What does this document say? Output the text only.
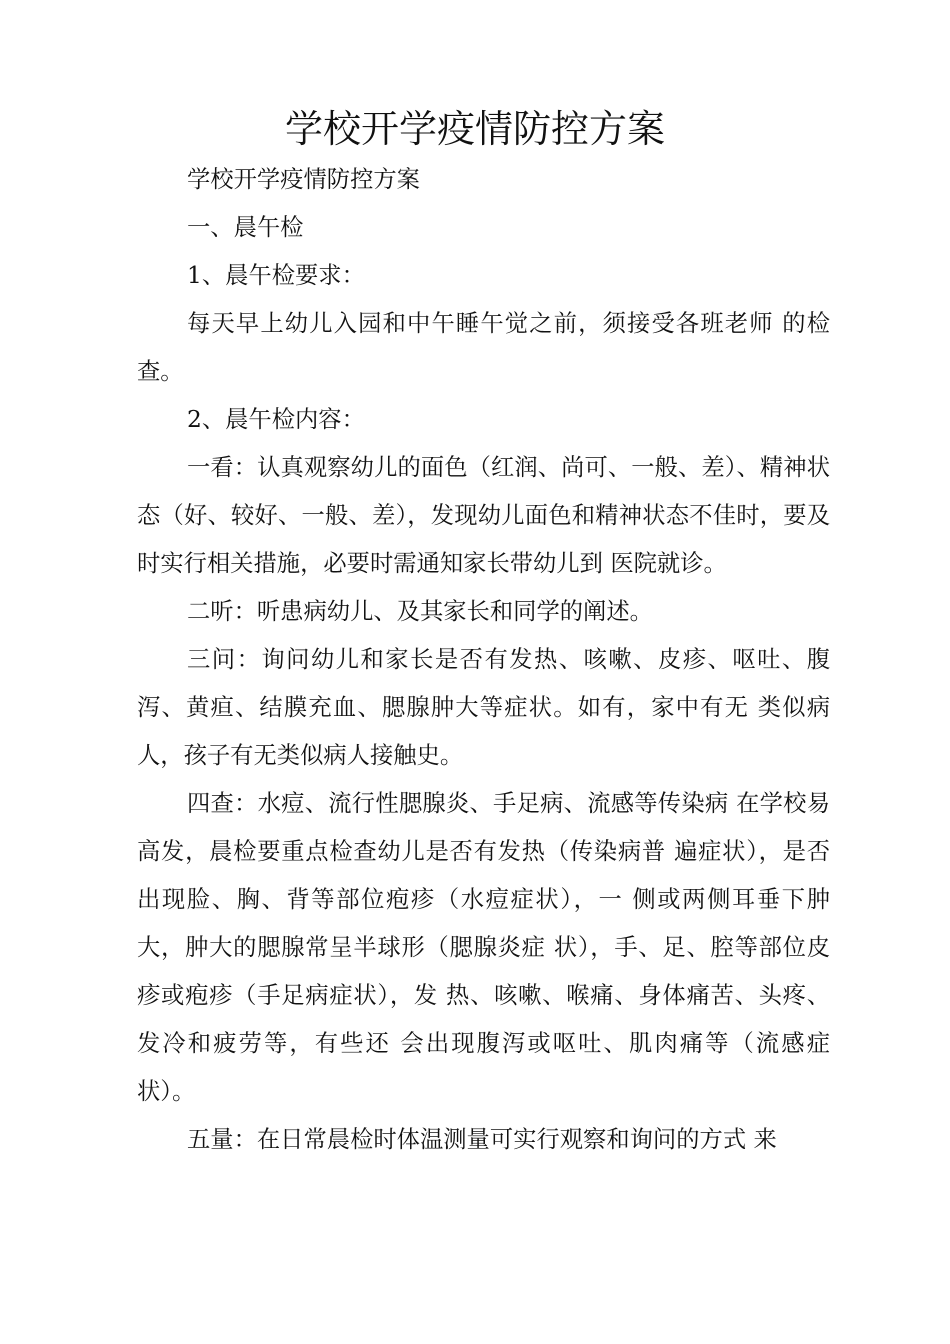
学校开学疫情防控方案

学校开学疫情防控方案

一、晨午检

1、晨午检要求：

每天早上幼儿入园和中午睡午觉之前，须接受各班老师 的检查。

2、晨午检内容：

一看：认真观察幼儿的面色（红润、尚可、一般、差）、精神状态（好、较好、一般、差），发现幼儿面色和精神状态不佳时，要及时实行相关措施，必要时需通知家长带幼儿到 医院就诊。

二听：听患病幼儿、及其家长和同学的阐述。

三问：询问幼儿和家长是否有发热、咳嗽、皮疹、呕吐、腹泻、黄疸、结膜充血、腮腺肿大等症状。如有，家中有无 类似病人，孩子有无类似病人接触史。

四查：水痘、流行性腮腺炎、手足病、流感等传染病 在学校易高发，晨检要重点检查幼儿是否有发热（传染病普 遍症状），是否出现脸、胸、背等部位疱疹（水痘症状），一 侧或两侧耳垂下肿大，肿大的腮腺常呈半球形（腮腺炎症 状），手、足、腔等部位皮疹或疱疹（手足病症状），发 热、咳嗽、喉痛、身体痛苦、头疼、发冷和疲劳等，有些还 会出现腹泻或呕吐、肌肉痛等（流感症状）。

五量：在日常晨检时体温测量可实行观察和询问的方式 来
